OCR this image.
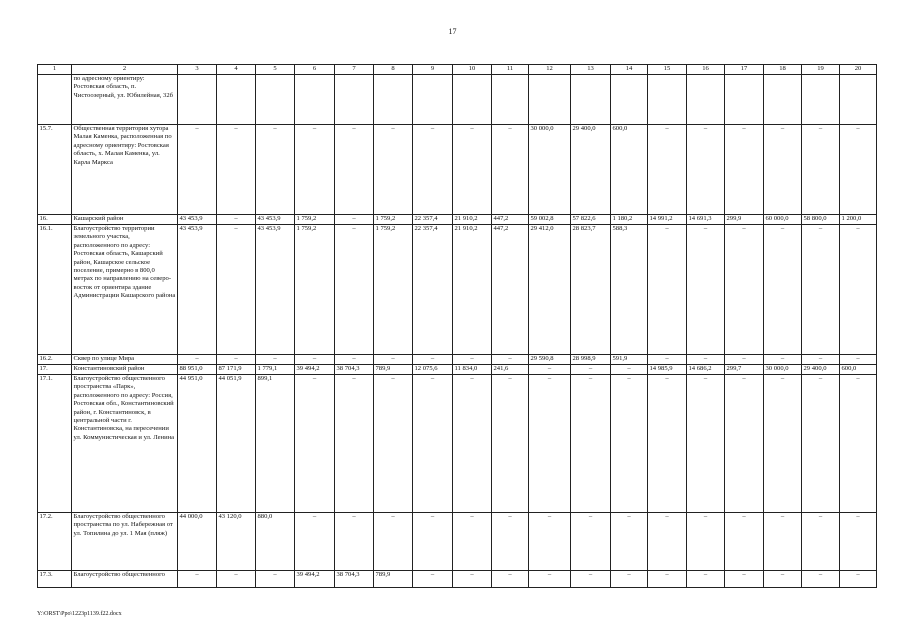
17
1	2	3	4	5	6	7	8	9	10	11	12	13	14	15	16	17	18	19	20
	по адресному ориентиру: Ростовская область, п. Чистоозерный, ул. Юбилейная, 32б																		
15.7.	Общественная территория хутора Малая Каменка, расположенная по адресному ориентиру: Ростовская область, х. Малая Каменка, ул. Карла Маркса	–	–	–	–	–	–	–	–	–	30 000,0	29 400,0	600,0	–	–	–	–	–	–
16.	Кашарский район	43 453,9	–	43 453,9	1 759,2	–	1 759,2	22 357,4	21 910,2	447,2	59 002,8	57 822,6	1 180,2	14 991,2	14 691,3	299,9	60 000,0	58 800,0	1 200,0
16.1.	Благоустройство территории земельного участка, расположенного по адресу: Ростовская область, Кашарский район, Кашарское сельское поселение, примерно в 800,0 метрах по направлению на северо-восток от ориентира здание Администрации Кашарского района	43 453,9	–	43 453,9	1 759,2	–	1 759,2	22 357,4	21 910,2	447,2	29 412,0	28 823,7	588,3	–	–	–	–	–	–
16.2.	Сквер по улице Мира	–	–	–	–	–	–	–	–	–	29 590,8	28 998,9	591,9	–	–	–	–	–	–
17.	Константиновский район	88 951,0	87 171,9	1 779,1	39 494,2	38 704,3	789,9	12 075,6	11 834,0	241,6	–	–	–	14 985,9	14 686,2	299,7	30 000,0	29 400,0	600,0
17.1.	Благоустройство общественного пространства «Парк», расположенного по адресу: Россия, Ростовская обл., Константиновский район, г. Константиновск, в центральной части г. Константиновска, на пересечении ул. Коммунистическая и ул. Ленина	44 951,0	44 051,9	899,1	–	–	–	–	–	–	–	–	–	–	–	–	–	–	–
17.2.	Благоустройство общественного пространства по ул. Набережная от ул. Топилина до ул. 1 Мая (пляж)	44 000,0	43 120,0	880,0	–	–	–	–	–	–	–	–	–	–	–	–	–	–	–
17.3.	Благоустройство общественного	–	–	–	39 494,2	38 704,3	789,9	–	–	–	–	–	–	–	–	–	–	–	–
Y:\ORST\Ppo\1223p1139.f22.docx
